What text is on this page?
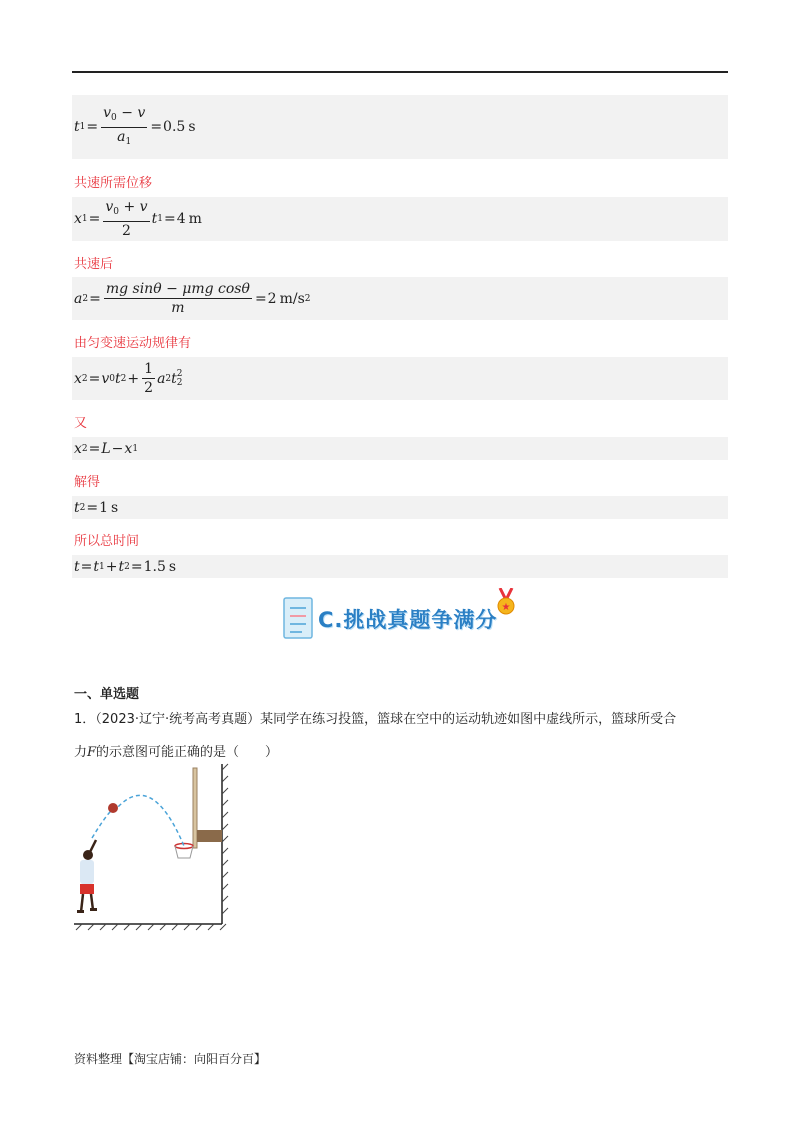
t $1 = \frac{v_0 - v}{a_1} = 0.5$ s
共速所需位移
x $1 = \frac{v_0 + v}{2}$ t 1 = 4 m
共速后
a $2 = \frac{\text{mg sinθ − μmg cosθ}}{m} = 2$ m/s 2
由匀变速运动规律有
x 2 = v 0 t $2 + \frac{1}{2}$ a 2 t 2
2
又
x 2 = L − x 1
解得
t 2 = 1 s
所以总时间
t = t 1 + t 2 = 1.5 s
★
C.挑战真题争满分
一、单选题
1．（2023·辽宁·统考高考真题）某同学在练习投篮，篮球在空中的运动轨迹如图中虚线所示，篮球所受合
力F的示意图可能正确的是（　　）
资料整理【淘宝店铺：向阳百分百】
